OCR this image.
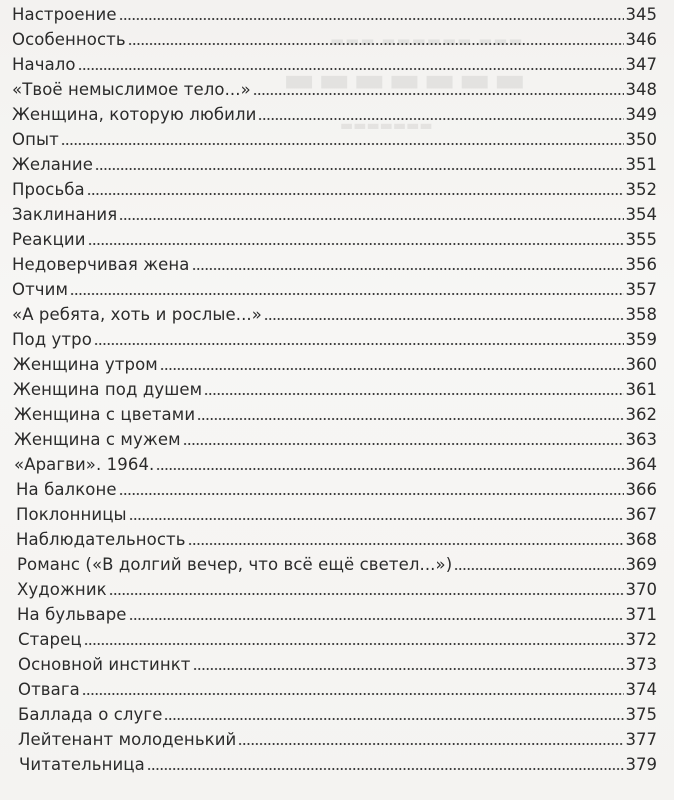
▬▬▬ ▬▬▬▬▬▬ ▬▬▬
▬▬▬▬▬▬▬
▬▬▬▬▬▬▬
Настроение	345
Особенность	346
Начало	347
«Твоё немыслимое тело...»	348
Женщина, которую любили	349
Опыт	350
Желание	351
Просьба	352
Заклинания	354
Реакции	355
Недоверчивая жена	356
Отчим	357
«А ребята, хоть и рослые...»	358
Под утро	359
Женщина утром	360
Женщина под душем	361
Женщина с цветами	362
Женщина с мужем	363
«Арагви». 1964.	364
На балконе	366
Поклонницы	367
Наблюдательность	368
Романс («В долгий вечер, что всё ещё светел...»)	369
Художник	370
На бульваре	371
Старец	372
Основной инстинкт	373
Отвага	374
Баллада о слуге	375
Лейтенант молоденький	377
Читательница	379
